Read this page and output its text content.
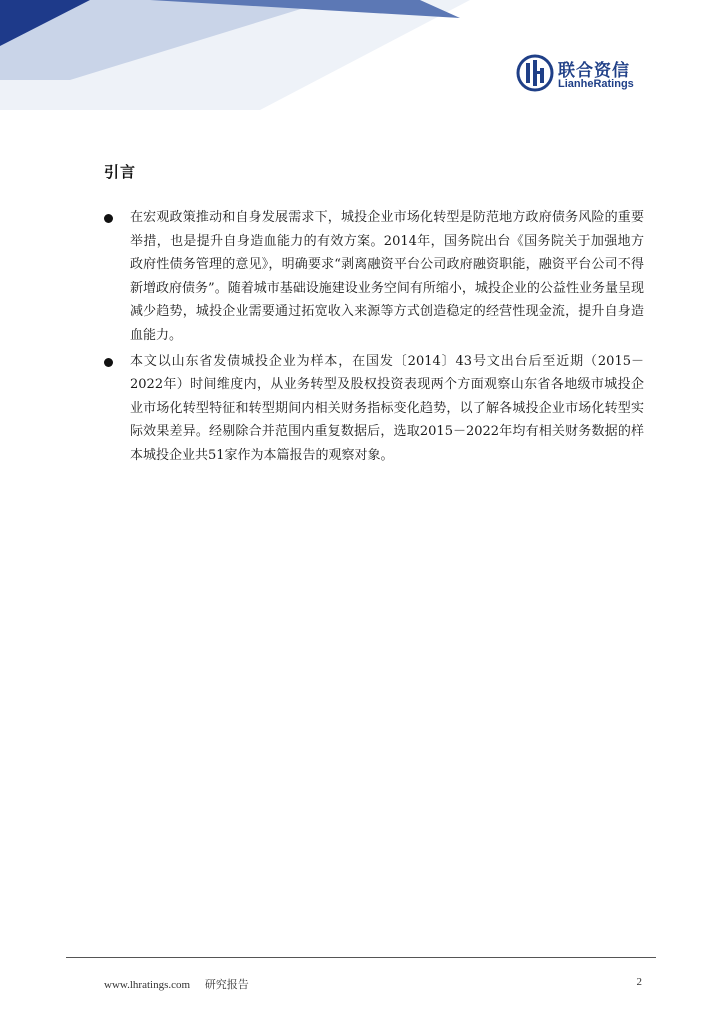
联合资信
LianheRatings
引言
在宏观政策推动和自身发展需求下，城投企业市场化转型是防范地方政府债务风险的重要举措，也是提升自身造血能力的有效方案。2014年，国务院出台《国务院关于加强地方政府性债务管理的意见》，明确要求“剥离融资平台公司政府融资职能，融资平台公司不得新增政府债务”。随着城市基础设施建设业务空间有所缩小，城投企业的公益性业务量呈现减少趋势，城投企业需要通过拓宽收入来源等方式创造稳定的经营性现金流，提升自身造血能力。
本文以山东省发债城投企业为样本，在国发〔2014〕43号文出台后至近期（2015－2022年）时间维度内，从业务转型及股权投资表现两个方面观察山东省各地级市城投企业市场化转型特征和转型期间内相关财务指标变化趋势，以了解各城投企业市场化转型实际效果差异。经剔除合并范围内重复数据后，选取2015－2022年均有相关财务数据的样本城投企业共51家作为本篇报告的观察对象。
www.lhratings.com 研究报告	2
